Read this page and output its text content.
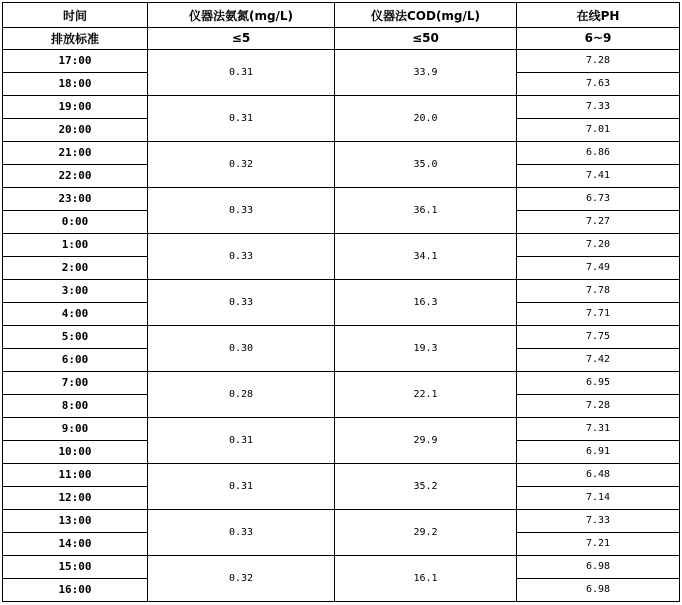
时间	仪器法氨氮(mg/L)	仪器法COD(mg/L)	在线PH
排放标准	≤5	≤50	6~9
17:00	0.31	33.9	7.28
18:00			7.63
19:00	0.31	20.0	7.33
20:00			7.01
21:00	0.32	35.0	6.86
22:00			7.41
23:00	0.33	36.1	6.73
0:00			7.27
1:00	0.33	34.1	7.20
2:00			7.49
3:00	0.33	16.3	7.78
4:00			7.71
5:00	0.30	19.3	7.75
6:00			7.42
7:00	0.28	22.1	6.95
8:00			7.28
9:00	0.31	29.9	7.31
10:00			6.91
11:00	0.31	35.2	6.48
12:00			7.14
13:00	0.33	29.2	7.33
14:00			7.21
15:00	0.32	16.1	6.98
16:00			6.98
